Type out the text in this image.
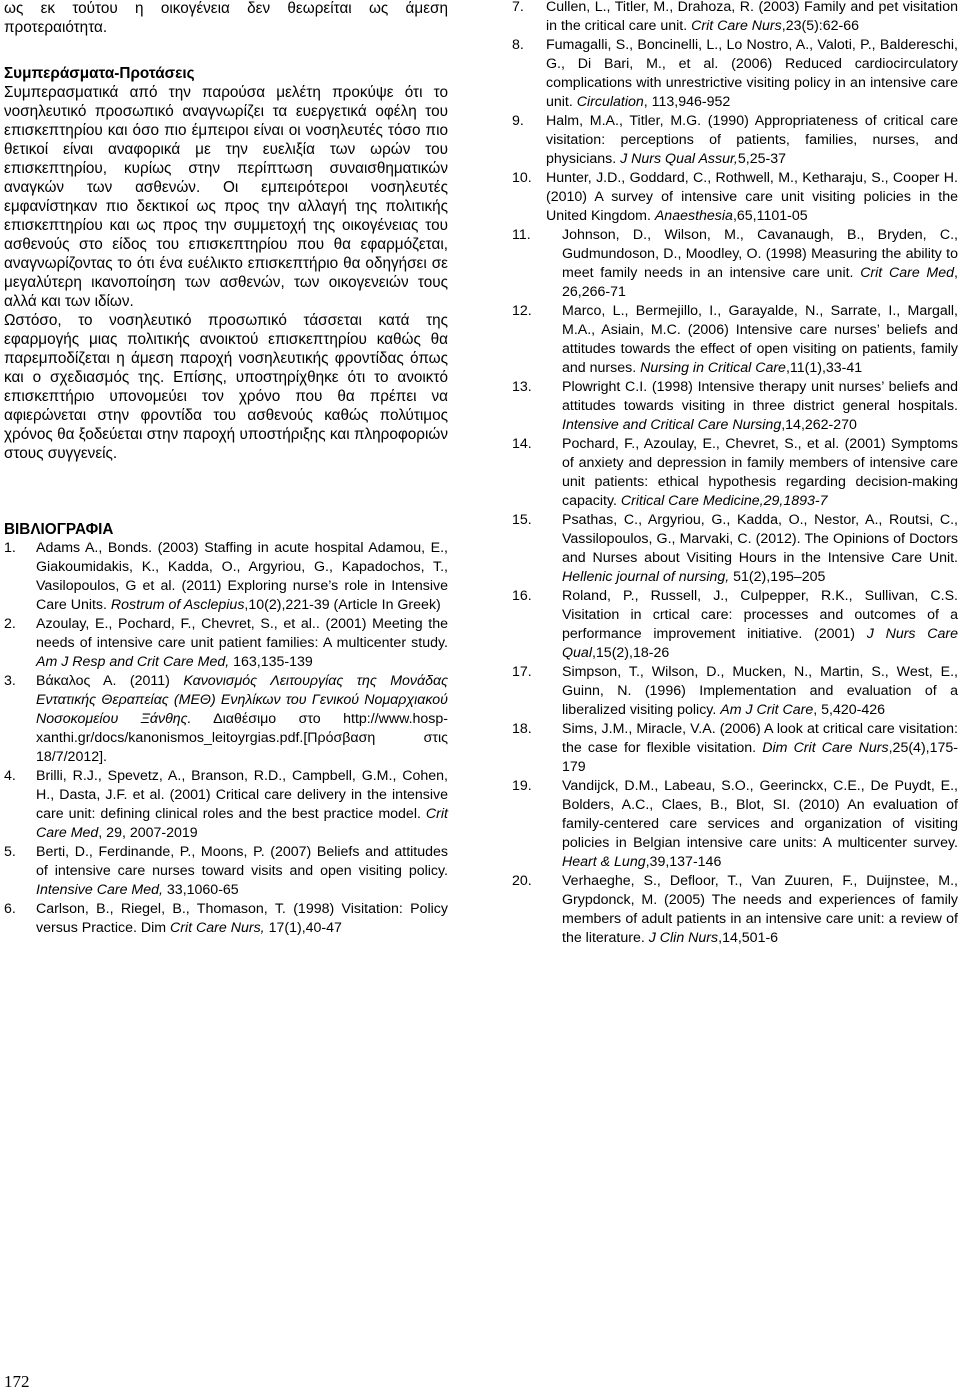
ως εκ τούτου η οικογένεια δεν θεωρείται ως άμεση προτεραιότητα.

Συμπεράσματα-Προτάσεις

Συμπερασματικά από την παρούσα μελέτη προκύψε ότι το νοσηλευτικό προσωπικό αναγνωρίζει τα ευεργετικά οφέλη του επισκεπτηρίου και όσο πιο έμπειροι είναι οι νοσηλευτές τόσο πιο θετικοί είναι αναφορικά με την ευελιξία των ωρών του επισκεπτηρίου, κυρίως στην περίπτωση συναισθηματικών αναγκών των ασθενών. Οι εμπειρότεροι νοσηλευτές εμφανίστηκαν πιο δεκτικοί ως προς την αλλαγή της πολιτικής επισκεπτηρίου και ως προς την συμμετοχή της οικογένειας του ασθενούς στο είδος του επισκεπτηρίου που θα εφαρμόζεται, αναγνωρίζοντας το ότι ένα ευέλικτο επισκεπτήριο θα οδηγήσει σε μεγαλύτερη ικανοποίηση των ασθενών, των οικογενειών τους αλλά και των ιδίων.

Ωστόσο, το νοσηλευτικό προσωπικό τάσσεται κατά της εφαρμογής μιας πολιτικής ανοικτού επισκεπτηρίου καθώς θα παρεμποδίζεται η άμεση παροχή νοσηλευτικής φροντίδας όπως και ο σχεδιασμός της. Επίσης, υποστηρίχθηκε ότι το ανοικτό επισκεπτήριο υπονομεύει τον χρόνο που θα πρέπει να αφιερώνεται στην φροντίδα του ασθενούς καθώς πολύτιμος χρόνος θα ξοδεύεται στην παροχή υποστήριξης και πληροφοριών στους συγγενείς.

ΒΙΒΛΙΟΓΡΑΦΙΑ

1. Adams A., Bonds. (2003) Staffing in acute hospital Adamou, E., Giakoumidakis, K., Kadda, O., Argyriou, G., Kapadochos, T., Vasilopoulos, G et al. (2011) Exploring nurse’s role in Intensive Care Units. Rostrum of Asclepius,10(2),221-39 (Article In Greek)
2. Azoulay, E., Pochard, F., Chevret, S., et al.. (2001) Meeting the needs of intensive care unit patient families: A multicenter study. Am J Resp and Crit Care Med, 163,135-139
3. Βάκαλος Α. (2011) Κανονισμός Λειτουργίας της Μονάδας Εντατικής Θεραπείας (ΜΕΘ) Ενηλίκων του Γενικού Νομαρχιακού Νοσοκομείου Ξάνθης. Διαθέσιμο στο http://www.hosp-xanthi.gr/docs/kanonismos_leitoyrgias.pdf.[Πρόσβαση στις 18/7/2012].
4. Brilli, R.J., Spevetz, A., Branson, R.D., Campbell, G.M., Cohen, H., Dasta, J.F. et al. (2001) Critical care delivery in the intensive care unit: defining clinical roles and the best practice model. Crit Care Med, 29, 2007-2019
5. Berti, D., Ferdinande, P., Moons, P. (2007) Beliefs and attitudes of intensive care nurses toward visits and open visiting policy. Intensive Care Med, 33,1060-65
6. Carlson, B., Riegel, B., Thomason, T. (1998) Visitation: Policy versus Practice. Dim Crit Care Nurs, 17(1),40-47
7. Cullen, L., Titler, M., Drahoza, R. (2003) Family and pet visitation in the critical care unit. Crit Care Nurs,23(5):62-66
8. Fumagalli, S., Boncinelli, L., Lo Nostro, A., Valoti, P., Baldereschi, G., Di Bari, M., et al. (2006) Reduced cardiocirculatory complications with unrestrictive visiting policy in an intensive care unit. Circulation, 113,946-952
9. Halm, M.A., Titler, M.G. (1990) Appropriateness of critical care visitation: perceptions of patients, families, nurses, and physicians. J Nurs Qual Assur,5,25-37
10. Hunter, J.D., Goddard, C., Rothwell, M., Ketharaju, S., Cooper H. (2010) A survey of intensive care unit visiting policies in the United Kingdom. Anaesthesia,65,1101-05
11. Johnson, D., Wilson, M., Cavanaugh, B., Bryden, C., Gudmundoson, D., Moodley, O. (1998) Measuring the ability to meet family needs in an intensive care unit. Crit Care Med, 26,266-71
12. Marco, L., Bermejillo, I., Garayalde, N., Sarrate, I., Margall, M.A., Asiain, M.C. (2006) Intensive care nurses’ beliefs and attitudes towards the effect of open visiting on patients, family and nurses. Nursing in Critical Care,11(1),33-41
13. Plowright C.I. (1998) Intensive therapy unit nurses’ beliefs and attitudes towards visiting in three district general hospitals. Intensive and Critical Care Nursing,14,262-270
14. Pochard, F., Azoulay, E., Chevret, S., et al. (2001) Symptoms of anxiety and depression in family members of intensive care unit patients: ethical hypothesis regarding decision-making capacity. Critical Care Medicine,29,1893-7
15. Psathas, C., Argyriou, G., Kadda, O., Nestor, A., Routsi, C., Vassilopoulos, G., Marvaki, C. (2012). The Opinions of Doctors and Nurses about Visiting Hours in the Intensive Care Unit. Hellenic journal of nursing, 51(2),195–205
16. Roland, P., Russell, J., Culpepper, R.K., Sullivan, C.S. Visitation in crtical care: processes and outcomes of a performance improvement initiative. (2001) J Nurs Care Qual,15(2),18-26
17. Simpson, T., Wilson, D., Mucken, N., Martin, S., West, E., Guinn, N. (1996) Implementation and evaluation of a liberalized visiting policy. Am J Crit Care, 5,420-426
18. Sims, J.M., Miracle, V.A. (2006) A look at critical care visitation: the case for flexible visitation. Dim Crit Care Nurs,25(4),175-179
19. Vandijck, D.M., Labeau, S.O., Geerinckx, C.E., De Puydt, E., Bolders, A.C., Claes, B., Blot, SI. (2010) An evaluation of family-centered care services and organization of visiting policies in Belgian intensive care units: A multicenter survey. Heart & Lung,39,137-146
20. Verhaeghe, S., Defloor, T., Van Zuuren, F., Duijnstee, M., Grypdonck, M. (2005) The needs and experiences of family members of adult patients in an intensive care unit: a review of the literature. J Clin Nurs,14,501-6
172
